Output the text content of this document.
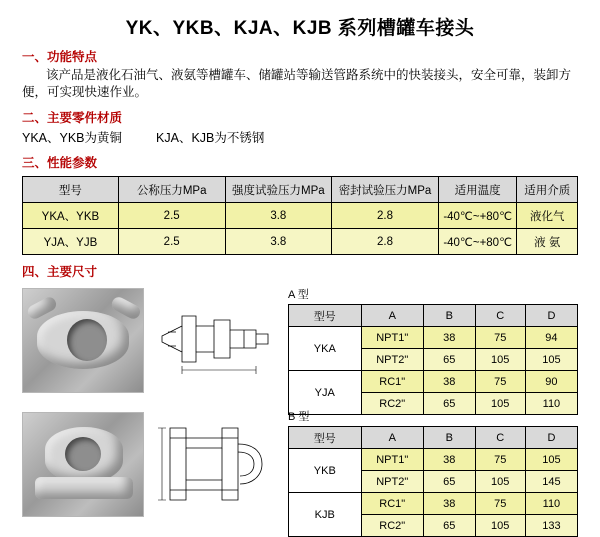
YK、YKB、KJA、KJB 系列槽罐车接头
一、功能特点
该产品是液化石油气、液氨等槽罐车、储罐站等输送管路系统中的快装接头，安全可靠，装卸方便，可实现快速作业。
二、主要零件材质
YKA、YKB为黄铜	KJA、KJB为不锈钢
三、性能参数
型号	公称压力MPa	强度试验压力MPa	密封试验压力MPa	适用温度	适用介质
YKA、YKB	2.5	3.8	2.8	-40℃~+80℃	液化气
YJA、YJB	2.5	3.8	2.8	-40℃~+80℃	液 氨
四、主要尺寸
A 型
型号	A	B	C	D
YKA	NPT1"	38	75	94
	NPT2"	65	105	105
YJA	RC1"	38	75	90
	RC2"	65	105	110
B 型
型号	A	B	C	D
YKB	NPT1"	38	75	105
	NPT2"	65	105	145
KJB	RC1"	38	75	110
	RC2"	65	105	133
